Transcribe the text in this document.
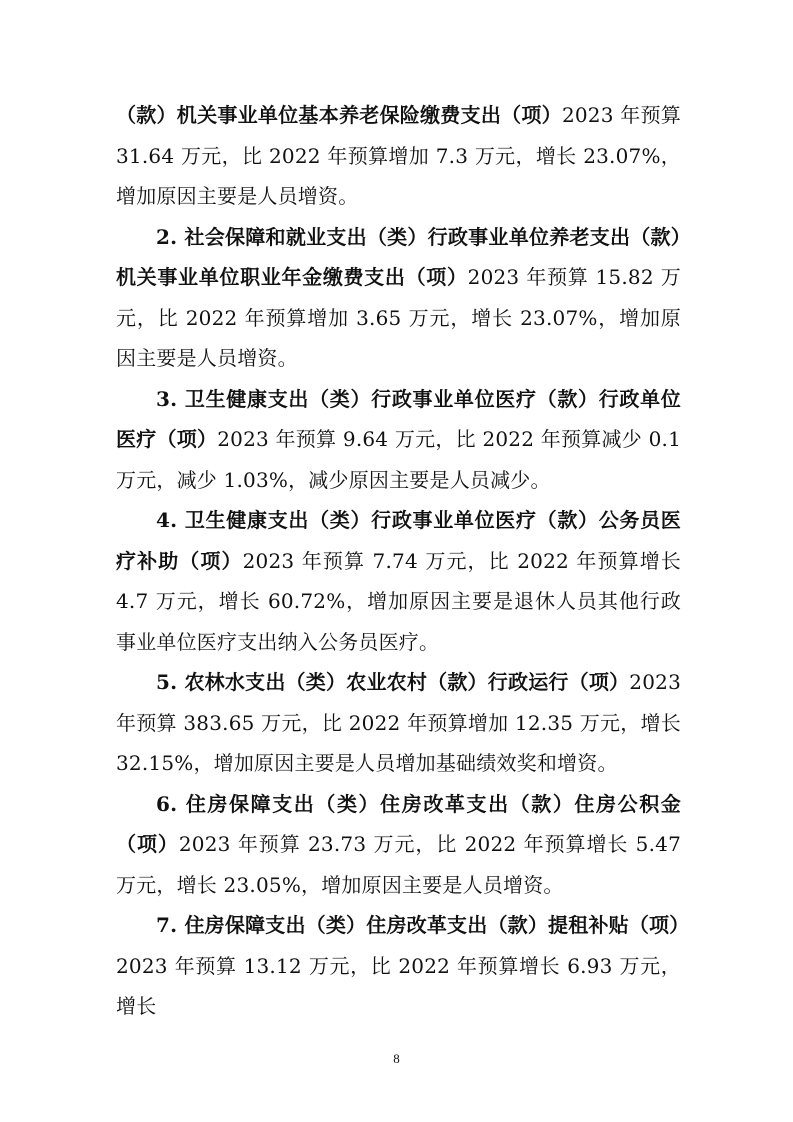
（款）机关事业单位基本养老保险缴费支出（项）2023 年预算 31.64 万元，比 2022 年预算增加 7.3 万元，增长 23.07%，增加原因主要是人员增资。

2. 社会保障和就业支出（类）行政事业单位养老支出（款）机关事业单位职业年金缴费支出（项）2023 年预算 15.82 万元，比 2022 年预算增加 3.65 万元，增长 23.07%，增加原因主要是人员增资。

3. 卫生健康支出（类）行政事业单位医疗（款）行政单位医疗（项）2023 年预算 9.64 万元，比 2022 年预算减少 0.1 万元，减少 1.03%，减少原因主要是人员减少。

4. 卫生健康支出（类）行政事业单位医疗（款）公务员医疗补助（项）2023 年预算 7.74 万元，比 2022 年预算增长 4.7 万元，增长 60.72%，增加原因主要是退休人员其他行政事业单位医疗支出纳入公务员医疗。

5. 农林水支出（类）农业农村（款）行政运行（项）2023 年预算 383.65 万元，比 2022 年预算增加 12.35 万元，增长 32.15%，增加原因主要是人员增加基础绩效奖和增资。

6. 住房保障支出（类）住房改革支出（款）住房公积金（项）2023 年预算 23.73 万元，比 2022 年预算增长 5.47 万元，增长 23.05%，增加原因主要是人员增资。

7. 住房保障支出（类）住房改革支出（款）提租补贴（项）2023 年预算 13.12 万元，比 2022 年预算增长 6.93 万元，增长

8
